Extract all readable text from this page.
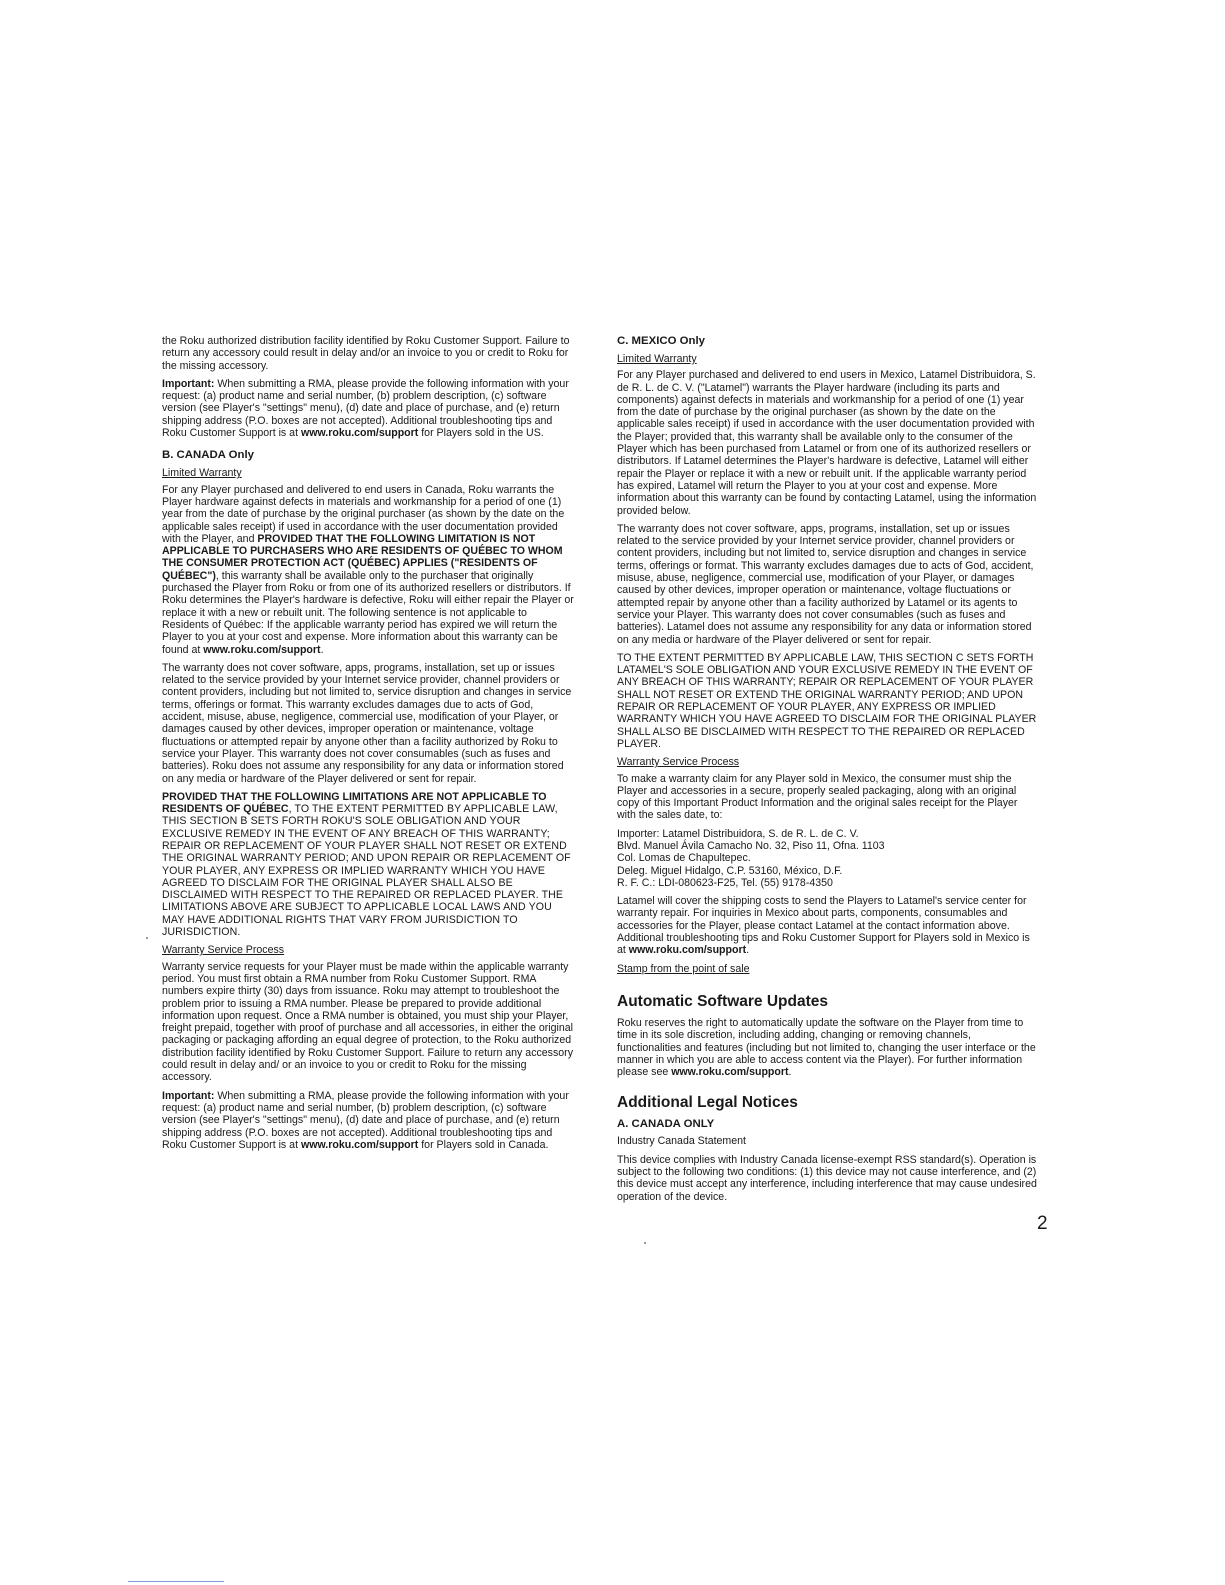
the Roku authorized distribution facility identified by Roku Customer Support. Failure to return any accessory could result in delay and/or an invoice to you or credit to Roku for the missing accessory.

Important: When submitting a RMA, please provide the following information with your request: (a) product name and serial number, (b) problem description, (c) software version (see Player's "settings" menu), (d) date and place of purchase, and (e) return shipping address (P.O. boxes are not accepted). Additional troubleshooting tips and Roku Customer Support is at www.roku.com/support for Players sold in the US.

B. CANADA Only
Limited Warranty

For any Player purchased and delivered to end users in Canada, Roku warrants the Player hardware against defects in materials and workmanship for a period of one (1) year from the date of purchase by the original purchaser (as shown by the date on the applicable sales receipt) if used in accordance with the user documentation provided with the Player, and PROVIDED THAT THE FOLLOWING LIMITATION IS NOT APPLICABLE TO PURCHASERS WHO ARE RESIDENTS OF QUÉBEC TO WHOM THE CONSUMER PROTECTION ACT (QUÉBEC) APPLIES ("RESIDENTS OF QUÉBEC"), this warranty shall be available only to the purchaser that originally purchased the Player from Roku or from one of its authorized resellers or distributors. If Roku determines the Player's hardware is defective, Roku will either repair the Player or replace it with a new or rebuilt unit. The following sentence is not applicable to Residents of Québec: If the applicable warranty period has expired we will return the Player to you at your cost and expense. More information about this warranty can be found at www.roku.com/support.

The warranty does not cover software, apps, programs, installation, set up or issues related to the service provided by your Internet service provider, channel providers or content providers, including but not limited to, service disruption and changes in service terms, offerings or format. This warranty excludes damages due to acts of God, accident, misuse, abuse, negligence, commercial use, modification of your Player, or damages caused by other devices, improper operation or maintenance, voltage fluctuations or attempted repair by anyone other than a facility authorized by Roku to service your Player. This warranty does not cover consumables (such as fuses and batteries). Roku does not assume any responsibility for any data or information stored on any media or hardware of the Player delivered or sent for repair.

PROVIDED THAT THE FOLLOWING LIMITATIONS ARE NOT APPLICABLE TO RESIDENTS OF QUÉBEC, TO THE EXTENT PERMITTED BY APPLICABLE LAW, THIS SECTION B SETS FORTH ROKU'S SOLE OBLIGATION AND YOUR EXCLUSIVE REMEDY IN THE EVENT OF ANY BREACH OF THIS WARRANTY; REPAIR OR REPLACEMENT OF YOUR PLAYER SHALL NOT RESET OR EXTEND THE ORIGINAL WARRANTY PERIOD; AND UPON REPAIR OR REPLACEMENT OF YOUR PLAYER, ANY EXPRESS OR IMPLIED WARRANTY WHICH YOU HAVE AGREED TO DISCLAIM FOR THE ORIGINAL PLAYER SHALL ALSO BE DISCLAIMED WITH RESPECT TO THE REPAIRED OR REPLACED PLAYER. THE LIMITATIONS ABOVE ARE SUBJECT TO APPLICABLE LOCAL LAWS AND YOU MAY HAVE ADDITIONAL RIGHTS THAT VARY FROM JURISDICTION TO JURISDICTION.

Warranty Service Process

Warranty service requests for your Player must be made within the applicable warranty period. You must first obtain a RMA number from Roku Customer Support. RMA numbers expire thirty (30) days from issuance. Roku may attempt to troubleshoot the problem prior to issuing a RMA number. Please be prepared to provide additional information upon request. Once a RMA number is obtained, you must ship your Player, freight prepaid, together with proof of purchase and all accessories, in either the original packaging or packaging affording an equal degree of protection, to the Roku authorized distribution facility identified by Roku Customer Support. Failure to return any accessory could result in delay and/ or an invoice to you or credit to Roku for the missing accessory.

Important: When submitting a RMA, please provide the following information with your request: (a) product name and serial number, (b) problem description, (c) software version (see Player's "settings" menu), (d) date and place of purchase, and (e) return shipping address (P.O. boxes are not accepted). Additional troubleshooting tips and Roku Customer Support is at www.roku.com/support for Players sold in Canada.

C. MEXICO Only
Limited Warranty

For any Player purchased and delivered to end users in Mexico, Latamel Distribuidora, S. de R. L. de C. V. ("Latamel") warrants the Player hardware (including its parts and components) against defects in materials and workmanship for a period of one (1) year from the date of purchase by the original purchaser (as shown by the date on the applicable sales receipt) if used in accordance with the user documentation provided with the Player; provided that, this warranty shall be available only to the consumer of the Player which has been purchased from Latamel or from one of its authorized resellers or distributors. If Latamel determines the Player's hardware is defective, Latamel will either repair the Player or replace it with a new or rebuilt unit. If the applicable warranty period has expired, Latamel will return the Player to you at your cost and expense. More information about this warranty can be found by contacting Latamel, using the information provided below.

The warranty does not cover software, apps, programs, installation, set up or issues related to the service provided by your Internet service provider, channel providers or content providers, including but not limited to, service disruption and changes in service terms, offerings or format. This warranty excludes damages due to acts of God, accident, misuse, abuse, negligence, commercial use, modification of your Player, or damages caused by other devices, improper operation or maintenance, voltage fluctuations or attempted repair by anyone other than a facility authorized by Latamel or its agents to service your Player. This warranty does not cover consumables (such as fuses and batteries). Latamel does not assume any responsibility for any data or information stored on any media or hardware of the Player delivered or sent for repair.

TO THE EXTENT PERMITTED BY APPLICABLE LAW, THIS SECTION C SETS FORTH LATAMEL'S SOLE OBLIGATION AND YOUR EXCLUSIVE REMEDY IN THE EVENT OF ANY BREACH OF THIS WARRANTY; REPAIR OR REPLACEMENT OF YOUR PLAYER SHALL NOT RESET OR EXTEND THE ORIGINAL WARRANTY PERIOD; AND UPON REPAIR OR REPLACEMENT OF YOUR PLAYER, ANY EXPRESS OR IMPLIED WARRANTY WHICH YOU HAVE AGREED TO DISCLAIM FOR THE ORIGINAL PLAYER SHALL ALSO BE DISCLAIMED WITH RESPECT TO THE REPAIRED OR REPLACED PLAYER.

Warranty Service Process

To make a warranty claim for any Player sold in Mexico, the consumer must ship the Player and accessories in a secure, properly sealed packaging, along with an original copy of this Important Product Information and the original sales receipt for the Player with the sales date, to:

Importer: Latamel Distribuidora, S. de R. L. de C. V.

Blvd. Manuel Ávila Camacho No. 32, Piso 11, Ofna. 1103

Col. Lomas de Chapultepec.

Deleg. Miguel Hidalgo, C.P. 53160, México, D.F.

R. F. C.: LDI-080623-F25, Tel. (55) 9178-4350

Latamel will cover the shipping costs to send the Players to Latamel's service center for warranty repair. For inquiries in Mexico about parts, components, consumables and accessories for the Player, please contact Latamel at the contact information above. Additional troubleshooting tips and Roku Customer Support for Players sold in Mexico is at www.roku.com/support.

Stamp from the point of sale
Automatic Software Updates

Roku reserves the right to automatically update the software on the Player from time to time in its sole discretion, including adding, changing or removing channels, functionalities and features (including but not limited to, changing the user interface or the manner in which you are able to access content via the Player). For further information please see www.roku.com/support.

Additional Legal Notices
A. CANADA ONLY

Industry Canada Statement

This device complies with Industry Canada license-exempt RSS standard(s). Operation is subject to the following two conditions: (1) this device may not cause interference, and (2) this device must accept any interference, including interference that may cause undesired operation of the device.

2
